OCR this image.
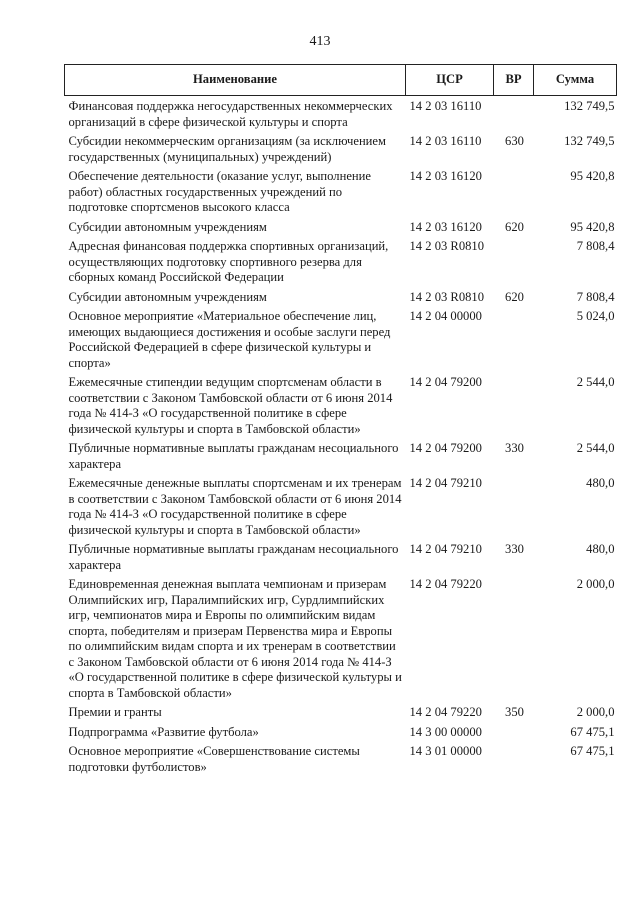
413
Наименование	ЦСР	ВР	Сумма
Финансовая поддержка негосударственных некоммерческих организаций в сфере физической культуры и спорта	14 2 03 16110		132 749,5
Субсидии некоммерческим организациям (за исключением государственных (муниципальных) учреждений)	14 2 03 16110	630	132 749,5
Обеспечение деятельности (оказание услуг, выполнение работ) областных государственных учреждений по подготовке спортсменов высокого класса	14 2 03 16120		95 420,8
Субсидии автономным учреждениям	14 2 03 16120	620	95 420,8
Адресная финансовая поддержка спортивных организаций, осуществляющих подготовку спортивного резерва для сборных команд Российской Федерации	14 2 03 R0810		7 808,4
Субсидии автономным учреждениям	14 2 03 R0810	620	7 808,4
Основное мероприятие «Материальное обеспечение лиц, имеющих выдающиеся достижения и особые заслуги перед Российской Федерацией в сфере физической культуры и спорта»	14 2 04 00000		5 024,0
Ежемесячные стипендии ведущим спортсменам области в соответствии с Законом Тамбовской области от 6 июня 2014 года № 414-З «О государственной политике в сфере физической культуры и спорта в Тамбовской области»	14 2 04 79200		2 544,0
Публичные нормативные выплаты гражданам несоциального характера	14 2 04 79200	330	2 544,0
Ежемесячные денежные выплаты спортсменам и их тренерам в соответствии с Законом Тамбовской области от 6 июня 2014 года № 414-З «О государственной политике в сфере физической культуры и спорта в Тамбовской области»	14 2 04 79210		480,0
Публичные нормативные выплаты гражданам несоциального характера	14 2 04 79210	330	480,0
Единовременная денежная выплата чемпионам и призерам Олимпийских игр, Паралимпийских игр, Сурдлимпийских игр, чемпионатов мира и Европы по олимпийским видам спорта, победителям и призерам Первенства мира и Европы по олимпийским видам спорта и их тренерам в соответствии с Законом Тамбовской области от 6 июня 2014 года № 414-З «О государственной политике в сфере физической культуры и спорта в Тамбовской области»	14 2 04 79220		2 000,0
Премии и гранты	14 2 04 79220	350	2 000,0
Подпрограмма «Развитие футбола»	14 3 00 00000		67 475,1
Основное мероприятие «Совершенствование системы подготовки футболистов»	14 3 01 00000		67 475,1
